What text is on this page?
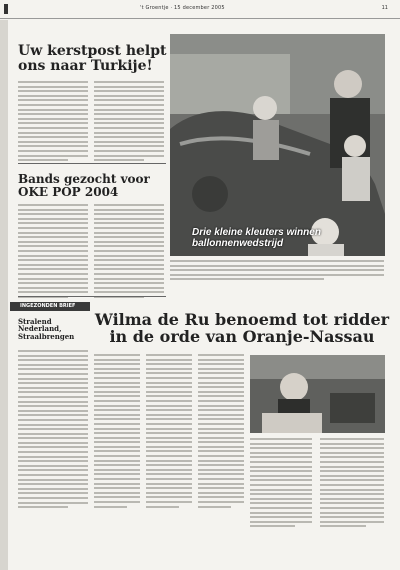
't Groentje · 15 december 2005	11
Uw kerstpost helpt ons naar Turkije!
Bands gezocht voor OKE POP 2004
Drie kleine kleuters winnen ballonnenwedstrijd
INGEZONDEN BRIEF
Stralend Nederland, Straalbrengen
Wilma de Ru benoemd tot ridder in de orde van Oranje-Nassau
